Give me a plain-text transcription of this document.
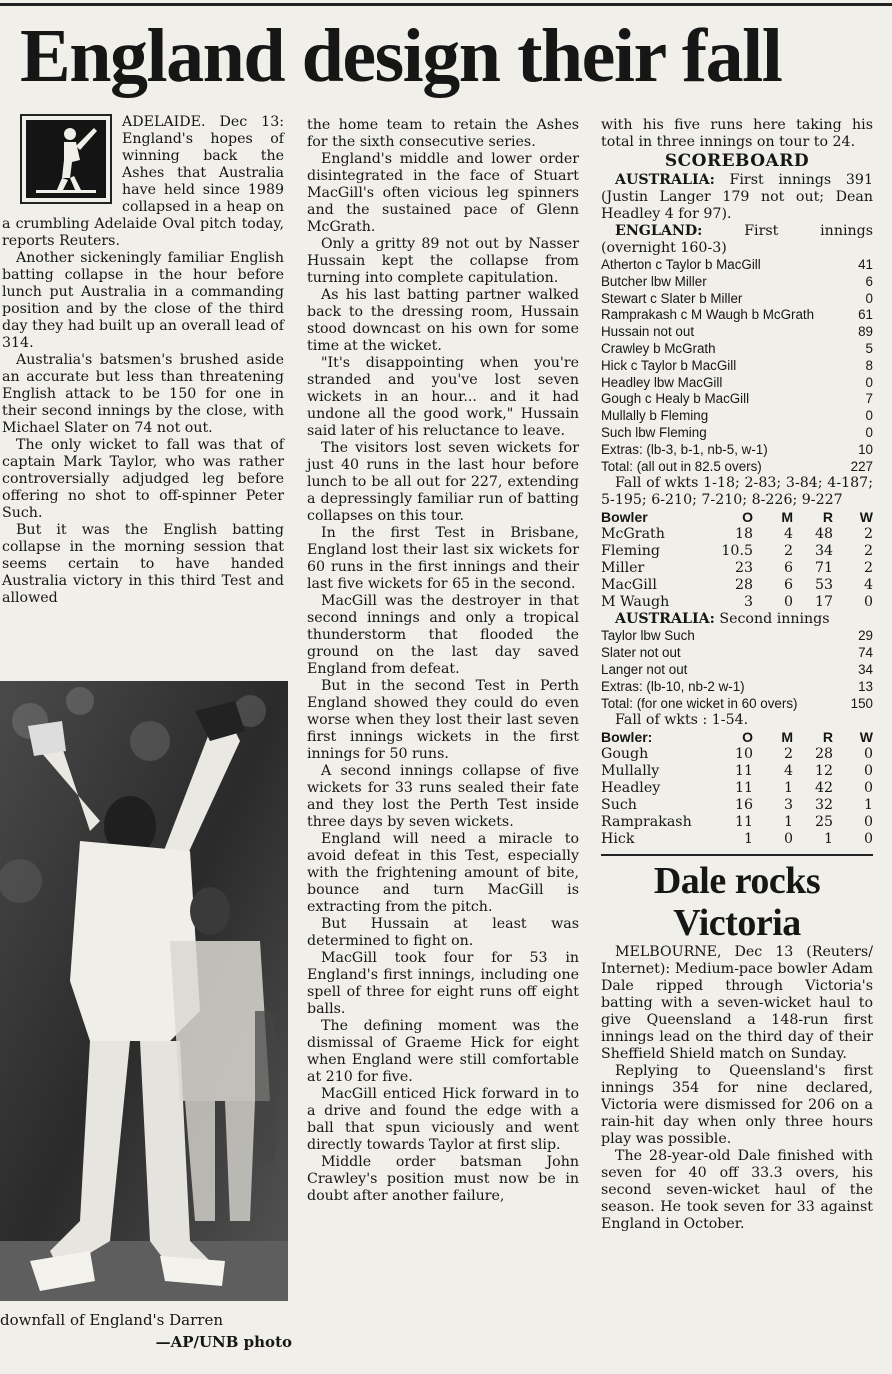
England design their fall

ADELAIDE. Dec 13: England's hopes of winning back the Ashes that Australia have held since 1989 collapsed in a heap on a crumbling Adelaide Oval pitch today, reports Reuters.

Another sickeningly familiar English batting collapse in the hour before lunch put Australia in a commanding position and by the close of the third day they had built up an overall lead of 314.

Australia's batsmen's brushed aside an accurate but less than threatening English attack to be 150 for one in their second innings by the close, with Michael Slater on 74 not out.

The only wicket to fall was that of captain Mark Taylor, who was rather controversially adjudged leg before offering no shot to off-spinner Peter Such.

But it was the English batting collapse in the morning session that seems certain to have handed Australia victory in this third Test and allowed

downfall of England's Darren
—AP/UNB photo

the home team to retain the Ashes for the sixth consecutive series.

England's middle and lower order disintegrated in the face of Stuart MacGill's often vicious leg spinners and the sustained pace of Glenn McGrath.

Only a gritty 89 not out by Nasser Hussain kept the collapse from turning into complete capitulation.

As his last batting partner walked back to the dressing room, Hussain stood downcast on his own for some time at the wicket.

"It's disappointing when you're stranded and you've lost seven wickets in an hour... and it had undone all the good work," Hussain said later of his reluctance to leave.

The visitors lost seven wickets for just 40 runs in the last hour before lunch to be all out for 227, extending a depressingly familiar run of batting collapses on this tour.

In the first Test in Brisbane, England lost their last six wickets for 60 runs in the first innings and their last five wickets for 65 in the second.

MacGill was the destroyer in that second innings and only a tropical thunderstorm that flooded the ground on the last day saved England from defeat.

But in the second Test in Perth England showed they could do even worse when they lost their last seven first innings wickets in the first innings for 50 runs.

A second innings collapse of five wickets for 33 runs sealed their fate and they lost the Perth Test inside three days by seven wickets.

England will need a miracle to avoid defeat in this Test, especially with the frightening amount of bite, bounce and turn MacGill is extracting from the pitch.

But Hussain at least was determined to fight on.

MacGill took four for 53 in England's first innings, including one spell of three for eight runs off eight balls.

The defining moment was the dismissal of Graeme Hick for eight when England were still comfortable at 210 for five.

MacGill enticed Hick forward in to a drive and found the edge with a ball that spun viciously and went directly towards Taylor at first slip.

Middle order batsman John Crawley's position must now be in doubt after another failure,

with his five runs here taking his total in three innings on tour to 24.

SCOREBOARD

AUSTRALIA: First innings 391 (Justin Langer 179 not out; Dean Headley 4 for 97).

ENGLAND:	First innings (overnight 160-3)

Atherton c Taylor b MacGill	41
Butcher lbw Miller	6
Stewart c Slater b Miller	0
Ramprakash c M Waugh b McGrath	61
Hussain not out	89
Crawley b McGrath	5
Hick c Taylor b MacGill	8
Headley lbw MacGill	0
Gough c Healy b MacGill	7
Mullally b Fleming	0
Such lbw Fleming	0
Extras: (lb-3, b-1, nb-5, w-1)	10
Total: (all out in 82.5 overs)	227

Fall of wkts 1-18; 2-83; 3-84; 4-187; 5-195; 6-210; 7-210; 8-226; 9-227

Bowler	O	M	R	W
McGrath	18	4	48	2
Fleming	10.5	2	34	2
Miller	23	6	71	2
MacGill	28	6	53	4
M Waugh	3	0	17	0

AUSTRALIA: Second innings

Taylor lbw Such	29
Slater not out	74
Langer not out	34
Extras: (lb-10, nb-2 w-1)	13
Total: (for one wicket in 60 overs)	150

Fall of wkts : 1-54.

Bowler:	O	M	R	W
Gough	10	2	28	0
Mullally	11	4	12	0
Headley	11	1	42	0
Such	16	3	32	1
Ramprakash	11	1	25	0
Hick	1	0	1	0
Dale rocks Victoria

MELBOURNE, Dec 13 (Reuters/ Internet): Medium-pace bowler Adam Dale ripped through Victoria's batting with a seven-wicket haul to give Queensland a 148-run first innings lead on the third day of their Sheffield Shield match on Sunday.

Replying to Queensland's first innings 354 for nine declared, Victoria were dismissed for 206 on a rain-hit day when only three hours play was possible.

The 28-year-old Dale finished with seven for 40 off 33.3 overs, his second seven-wicket haul of the season. He took seven for 33 against England in October.
